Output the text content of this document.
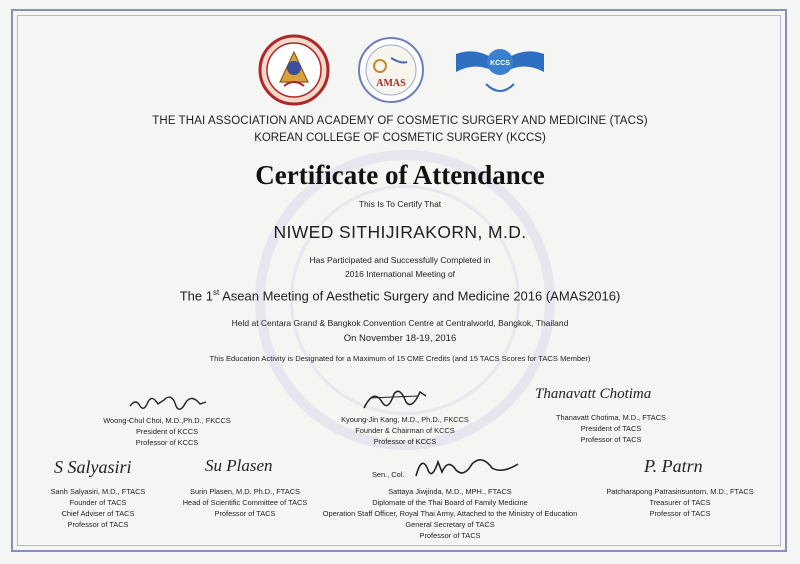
AMAS
KCCS
THE THAI ASSOCIATION AND ACADEMY OF COSMETIC SURGERY AND MEDICINE (TACS)
KOREAN COLLEGE OF COSMETIC SURGERY (KCCS)
Certificate of Attendance
This Is To Certify That
NIWED SITHIJIRAKORN, M.D.
Has Participated and Successfully Completed in
2016 International Meeting of
The 1st Asean Meeting of Aesthetic Surgery and Medicine 2016 (AMAS2016)
Held at Centara Grand & Bangkok Convention Centre at Centralworld, Bangkok, Thailand
On November 18-19, 2016
This Education Activity is Designated for a Maximum of 15 CME Credits (and 15 TACS Scores for TACS Member)
Thanavatt Chotima
Woong-Chul Choi, M.D.,Ph.D., FKCCS
President of KCCS
Professor of KCCS
Kyoung-Jin Kang, M.D., Ph.D., FKCCS
Founder & Chairman of KCCS
Professor of KCCS
Thanavatt Chotima, M.D., FTACS
President of TACS
Professor of TACS
S Salyasiri	Su Plasen	P. Patrn
Sanh Salyasiri, M.D., FTACS
Founder of TACS
Chief Adviser of TACS
Professor of TACS
Surin Plasen, M.D. Ph.D., FTACS
Head of Scientific Committee of TACS
Professor of TACS
Sen., Col.
Sattaya Jiwjinda, M.D., MPH., FTACS
Diplomate of the Thai Board of Family Medicine
Operation Staff Officer, Royal Thai Army, Attached to the Ministry of Education
General Secretary of TACS
Professor of TACS
Patcharapong Patrasinsuntorn, M.D., FTACS
Treasurer of TACS
Professor of TACS
